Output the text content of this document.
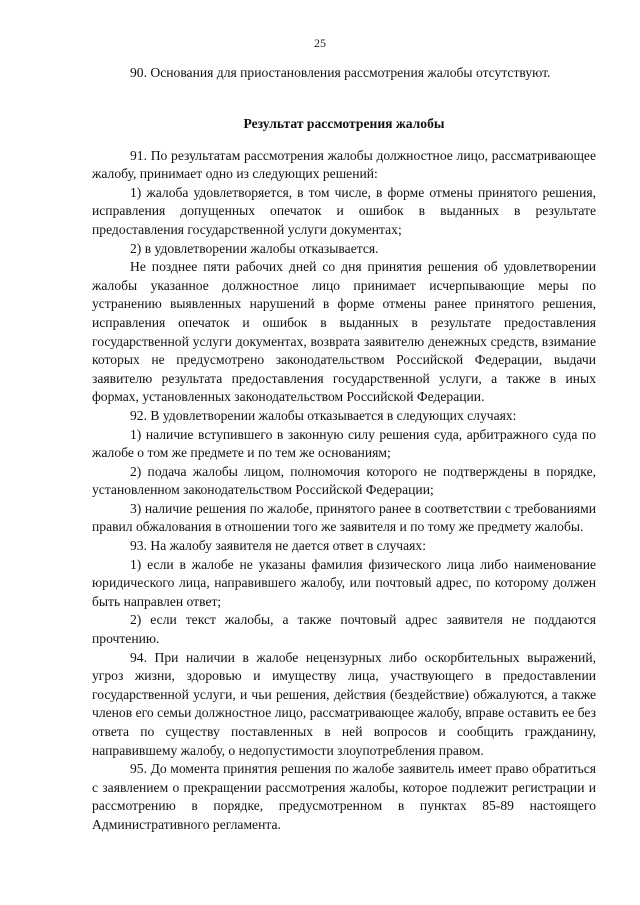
25

90. Основания для приостановления рассмотрения жалобы отсутствуют.

Результат рассмотрения жалобы

91. По результатам рассмотрения жалобы должностное лицо, рассматривающее жалобу, принимает одно из следующих решений:

1) жалоба удовлетворяется, в том числе, в форме отмены принятого решения, исправления допущенных опечаток и ошибок в выданных в результате предоставления государственной услуги документах;

2) в удовлетворении жалобы отказывается.

Не позднее пяти рабочих дней со дня принятия решения об удовлетворении жалобы указанное должностное лицо принимает исчерпывающие меры по устранению выявленных нарушений в форме отмены ранее принятого решения, исправления опечаток и ошибок в выданных в результате предоставления государственной услуги документах, возврата заявителю денежных средств, взимание которых не предусмотрено законодательством Российской Федерации, выдачи заявителю результата предоставления государственной услуги, а также в иных формах, установленных законодательством Российской Федерации.

92. В удовлетворении жалобы отказывается в следующих случаях:

1) наличие вступившего в законную силу решения суда, арбитражного суда по жалобе о том же предмете и по тем же основаниям;

2) подача жалобы лицом, полномочия которого не подтверждены в порядке, установленном законодательством Российской Федерации;

3) наличие решения по жалобе, принятого ранее в соответствии с требованиями правил обжалования в отношении того же заявителя и по тому же предмету жалобы.

93. На жалобу заявителя не дается ответ в случаях:

1) если в жалобе не указаны фамилия физического лица либо наименование юридического лица, направившего жалобу, или почтовый адрес, по которому должен быть направлен ответ;

2) если текст жалобы, а также почтовый адрес заявителя не поддаются прочтению.

94. При наличии в жалобе нецензурных либо оскорбительных выражений, угроз жизни, здоровью и имуществу лица, участвующего в предоставлении государственной услуги, и чьи решения, действия (бездействие) обжалуются, а также членов его семьи должностное лицо, рассматривающее жалобу, вправе оставить ее без ответа по существу поставленных в ней вопросов и сообщить гражданину, направившему жалобу, о недопустимости злоупотребления правом.

95. До момента принятия решения по жалобе заявитель имеет право обратиться с заявлением о прекращении рассмотрения жалобы, которое подлежит регистрации и рассмотрению в порядке, предусмотренном в пунктах 85-89 настоящего Административного регламента.
